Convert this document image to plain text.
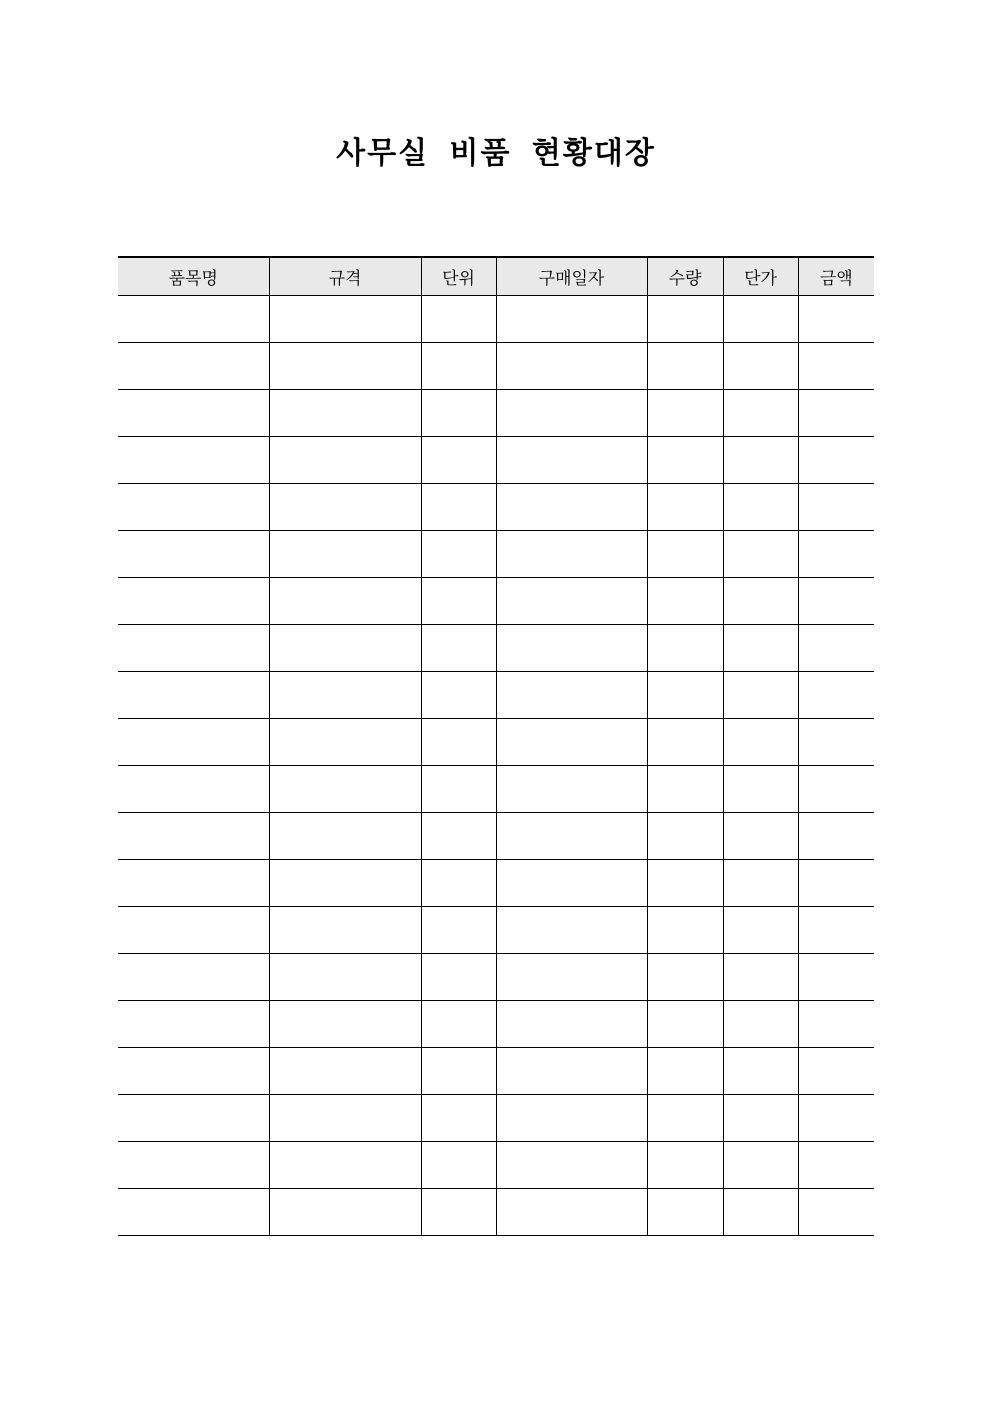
사무실 비품 현황대장
품목명	규격	단위	구매일자	수량	단가	금액
